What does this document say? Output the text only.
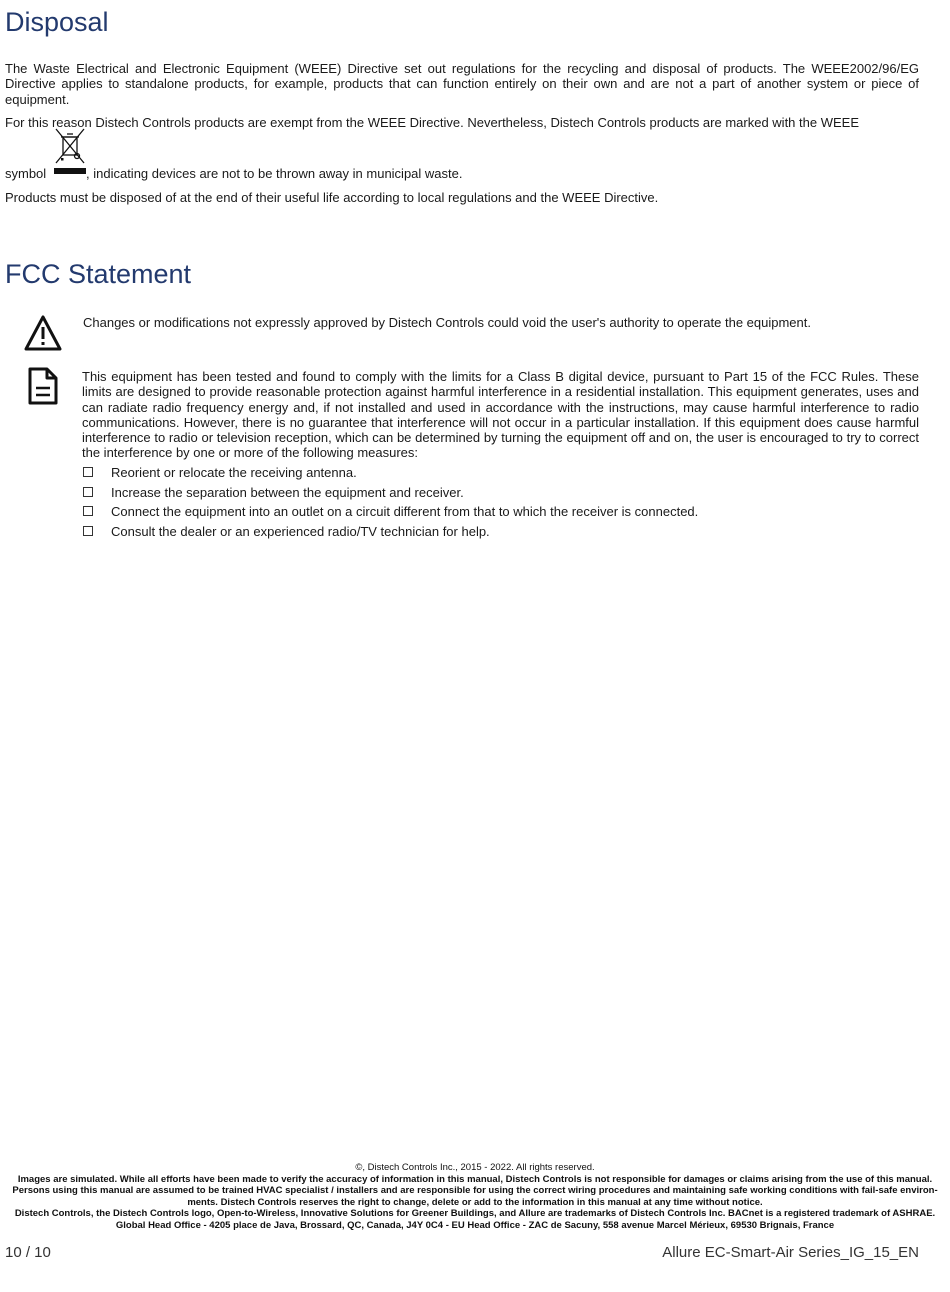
Disposal

The Waste Electrical and Electronic Equipment (WEEE) Directive set out regulations for the recycling and disposal of products. The WEEE2002/96/EG Directive applies to standalone products, for example, products that can function entirely on their own and are not a part of another system or piece of equipment.

For this reason Distech Controls products are exempt from the WEEE Directive. Nevertheless, Distech Controls products are marked with the WEEE

symbol	, indicating devices are not to be thrown away in municipal waste.

Products must be disposed of at the end of their useful life according to local regulations and the WEEE Directive.

FCC Statement
Changes or modifications not expressly approved by Distech Controls could void the user's authority to operate the equipment.

This equipment has been tested and found to comply with the limits for a Class B digital device, pursuant to Part 15 of the FCC Rules. These limits are designed to provide reasonable protection against harmful interference in a residential installation. This equipment generates, uses and can radiate radio frequency energy and, if not installed and used in accordance with the instructions, may cause harmful interference to radio communications. However, there is no guarantee that interference will not occur in a particular installation. If this equipment does cause harmful interference to radio or television reception, which can be determined by turning the equipment off and on, the user is encouraged to try to correct the interference by one or more of the following measures:

Reorient or relocate the receiving antenna.
Increase the separation between the equipment and receiver.
Connect the equipment into an outlet on a circuit different from that to which the receiver is connected.
Consult the dealer or an experienced radio/TV technician for help.
©, Distech Controls Inc., 2015 - 2022. All rights reserved.
Images are simulated. While all efforts have been made to verify the accuracy of information in this manual, Distech Controls is not responsible for damages or claims arising from the use of this manual.
Persons using this manual are assumed to be trained HVAC specialist / installers and are responsible for using the correct wiring procedures and maintaining safe working conditions with fail-safe environ-
ments. Distech Controls reserves the right to change, delete or add to the information in this manual at any time without notice.
Distech Controls, the Distech Controls logo, Open-to-Wireless, Innovative Solutions for Greener Buildings, and Allure are trademarks of Distech Controls Inc. BACnet is a registered trademark of ASHRAE.
Global Head Office - 4205 place de Java, Brossard, QC, Canada, J4Y 0C4 - EU Head Office - ZAC de Sacuny, 558 avenue Marcel Mérieux, 69530 Brignais, France
10 / 10	Allure EC-Smart-Air Series_IG_15_EN
